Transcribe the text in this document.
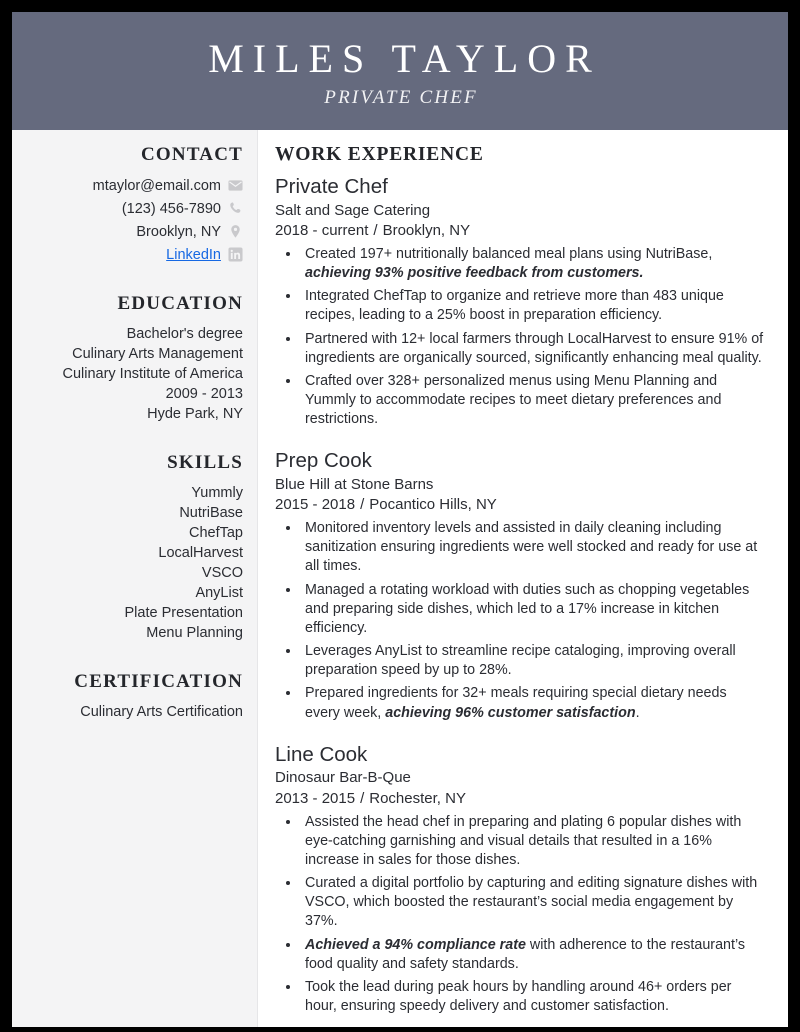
MILES TAYLOR
PRIVATE CHEF
CONTACT
mtaylor@email.com
(123) 456-7890
Brooklyn, NY
LinkedIn
EDUCATION
Bachelor's degree
Culinary Arts Management
Culinary Institute of America
2009 - 2013
Hyde Park, NY
SKILLS
Yummly
NutriBase
ChefTap
LocalHarvest
VSCO
AnyList
Plate Presentation
Menu Planning
CERTIFICATION
Culinary Arts Certification
WORK EXPERIENCE
Private Chef
Salt and Sage Catering
2018 - current / Brooklyn, NY
• Created 197+ nutritionally balanced meal plans using NutriBase, achieving 93% positive feedback from customers.
• Integrated ChefTap to organize and retrieve more than 483 unique recipes, leading to a 25% boost in preparation efficiency.
• Partnered with 12+ local farmers through LocalHarvest to ensure 91% of ingredients are organically sourced, significantly enhancing meal quality.
• Crafted over 328+ personalized menus using Menu Planning and Yummly to accommodate recipes to meet dietary preferences and restrictions.
Prep Cook
Blue Hill at Stone Barns
2015 - 2018 / Pocantico Hills, NY
• Monitored inventory levels and assisted in daily cleaning including sanitization ensuring ingredients were well stocked and ready for use at all times.
• Managed a rotating workload with duties such as chopping vegetables and preparing side dishes, which led to a 17% increase in kitchen efficiency.
• Leverages AnyList to streamline recipe cataloging, improving overall preparation speed by up to 28%.
• Prepared ingredients for 32+ meals requiring special dietary needs every week, achieving 96% customer satisfaction.
Line Cook
Dinosaur Bar-B-Que
2013 - 2015 / Rochester, NY
• Assisted the head chef in preparing and plating 6 popular dishes with eye-catching garnishing and visual details that resulted in a 16% increase in sales for those dishes.
• Curated a digital portfolio by capturing and editing signature dishes with VSCO, which boosted the restaurant’s social media engagement by 37%.
• Achieved a 94% compliance rate with adherence to the restaurant’s food quality and safety standards.
• Took the lead during peak hours by handling around 46+ orders per hour, ensuring speedy delivery and customer satisfaction.
